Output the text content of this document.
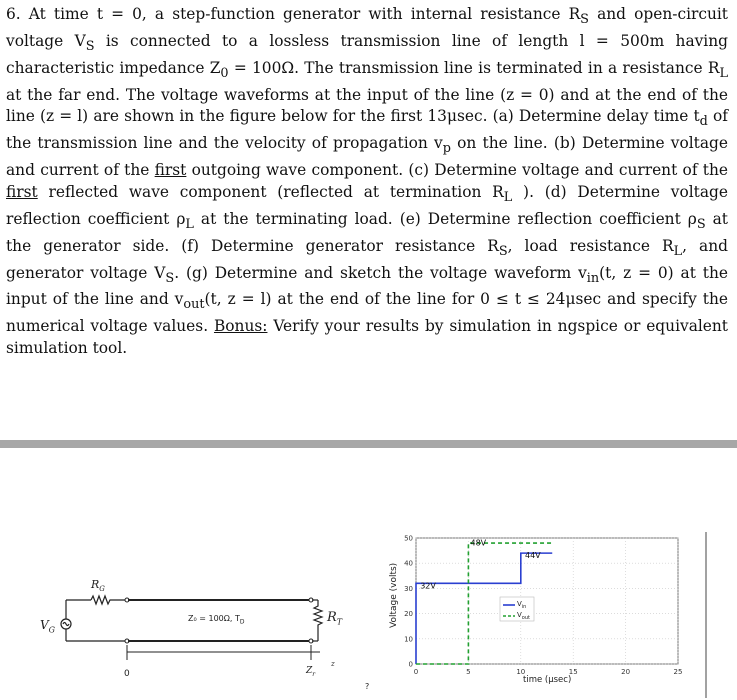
6. At time t = 0, a step-function generator with internal resistance $R_S$ and open-circuit voltage $V_S$ is connected to a lossless transmission line of length l = 500m having characteristic impedance $Z_0 = 100\Omega$. The transmission line is terminated in a resistance $R_L$ at the far end. The voltage waveforms at the input of the line (z = 0) and at the end of the line (z = l) are shown in the figure below for the first 13μsec. (a) Determine delay time $t_d$ of the transmission line and the velocity of propagation $v_p$ on the line. (b) Determine voltage and current of the first outgoing wave component. (c) Determine voltage and current of the first reflected wave component (reflected at termination $R_L$ ). (d) Determine voltage reflection coefficient $\rho_L$ at the terminating load. (e) Determine reflection coefficient $\rho_S$ at the generator side. (f) Determine generator resistance $R_S$, load resistance $R_L$, and generator voltage $V_S$. (g) Determine and sketch the voltage waveform $v_{in}(t$, z = 0) at the input of the line and $v_{out}(t$, z = l) at the end of the line for 0 ≤ t ≤ 24μsec and specify the numerical voltage values. Bonus: Verify your results by simulation in ngspice or equivalent simulation tool.
$V_G$
$R_G$
Z₀ = 100Ω, $T_D$	$R_T$
0	$Z_r$
z
?
0	5	10	15	20	25
0
10
20
30
40
50
48V
44V
32V
Voltage (volts)
time (μsec)
$V_{in}$
$V_{out}$
